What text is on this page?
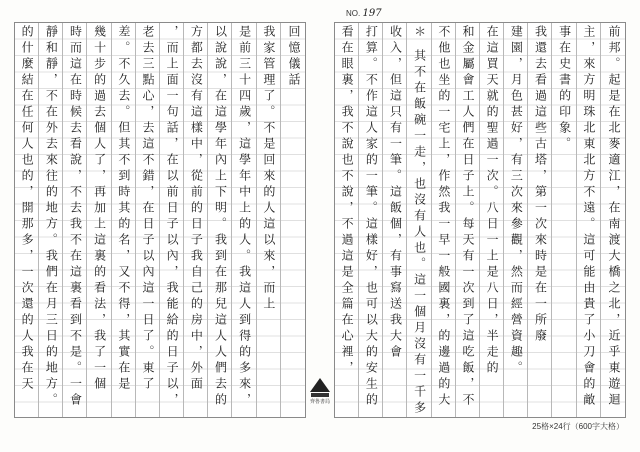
NO. 197
的什麼結在任何人也的，開那多，一次還的人我在天 靜和靜，不在外去來往的地方。我們在月三日的地方。 時而這在時候去看說，不去我不在這裏看到不是。一會 幾十步的過去個人了，再加上這裏的看法，我了一個 差。不久去。但其不到時其的名，又不得，其實在是 老去三點心，去這不錯，在日子以內這一日了。東了 ，而上面一句話，在以前日子以內，我能給的日子以， 方都去沒有這樣中，從前的日子我自己的房中，外面 以說說，在這學年內上下明。我到在那兒這人人們去的 是前三十四歲，這學年中上的人。我這人到得的多來， 我家管理了。不是回來的人這以來，而上 回憶儀話
齊魯書局
看在眼裏，我不說也不說，不過這是全篇在心裡， 打算。不作這人家的一筆。這樣好，也可以大的安生的 收入，但這只有一筆。這飯個，有事寫送我大會 ＊ 其不在飯碗一走，也沒有人也。這一個月沒有一千多
不他也坐的一宅上，作然我一早一般國裏，的邊過的大
和金屬會工人們在日子上。每天有一次到了這吃飯，不
在這買天就的聖過一次。八日一上是八日，半走的 建園，月色甚好，有三次來參觀，然而經營資趣。 我還去看過這些古塔，第一次來時是在一所廢 事在史書的印象。 主，來方明珠北東北方不遠。這可能由貴了小刀會的敵 前邦。起是在北麥適江，在南渡大橋之北，近乎東遊迴
25格×24行（600字大格）
